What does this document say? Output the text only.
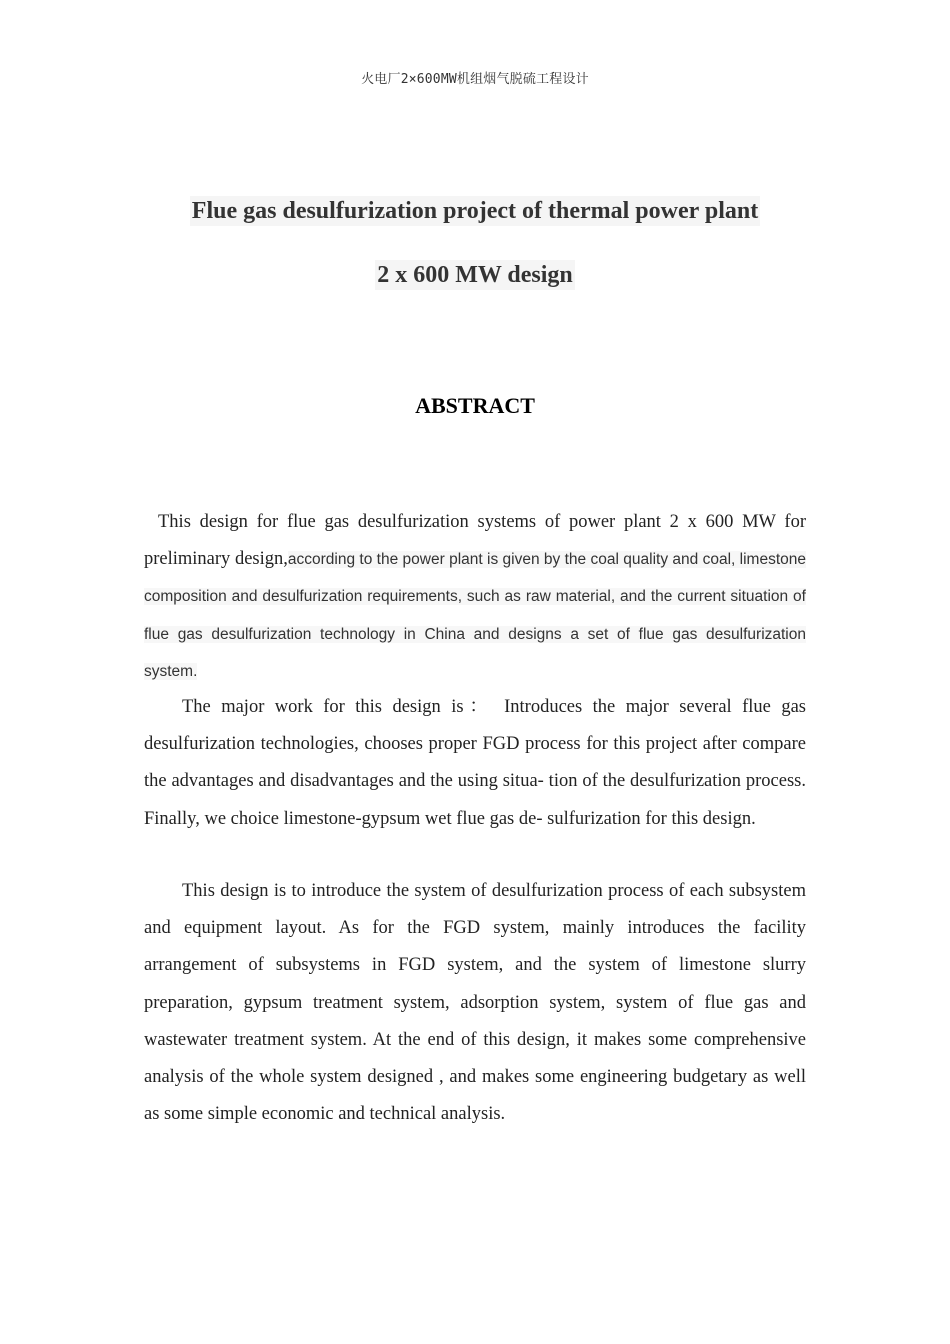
火电厂2×600MW机组烟气脱硫工程设计
Flue gas desulfurization project of thermal power plant
2 x 600 MW design
ABSTRACT

This design for flue gas desulfurization systems of power plant 2 x 600 MW for preliminary design,according to the power plant is given by the coal quality and coal, limestone composition and desulfurization requirements, such as raw material, and the current situation of flue gas desulfurization technology in China and designs a set of flue gas desulfurization system.

The major work for this design is： Introduces the major several flue gas desulfurization technologies, chooses proper FGD process for this project after compare the advantages and disadvantages and the using situa- tion of the desulfurization process. Finally, we choice limestone-gypsum wet flue gas de- sulfurization for this design.

This design is to introduce the system of desulfurization process of each subsystem and equipment layout. As for the FGD system, mainly introduces the facility arrangement of subsystems in FGD system, and the system of limestone slurry preparation, gypsum treatment system, adsorption system, system of flue gas and wastewater treatment system. At the end of this design, it makes some comprehensive analysis of the whole system designed , and makes some engineering budgetary as well as some simple economic and technical analysis.
